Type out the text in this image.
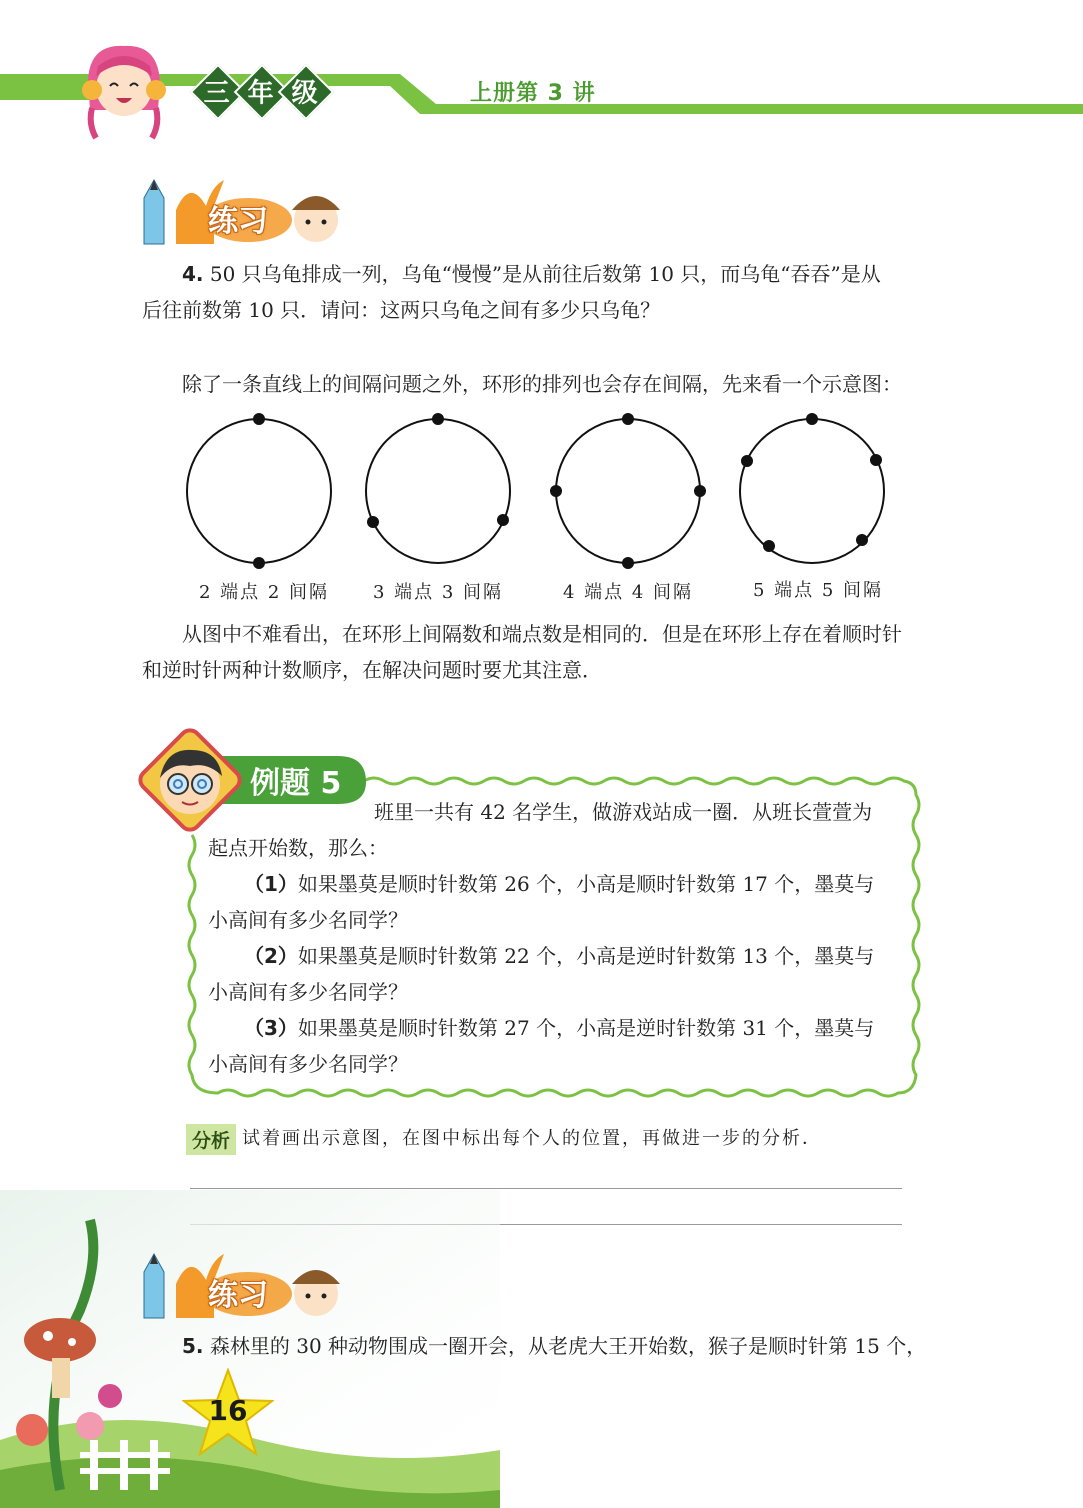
三 年 级	上册第 3 讲
练习

4. 50 只乌龟排成一列，乌龟“慢慢”是从前往后数第 10 只，而乌龟“吞吞”是从

后往前数第 10 只．请问：这两只乌龟之间有多少只乌龟？

除了一条直线上的间隔问题之外，环形的排列也会存在间隔，先来看一个示意图：

2 端点 2 间隔	3 端点 3 间隔	4 端点 4 间隔	5 端点 5 间隔

从图中不难看出，在环形上间隔数和端点数是相同的．但是在环形上存在着顺时针

和逆时针两种计数顺序，在解决问题时要尤其注意．

例题 5

班里一共有 42 名学生，做游戏站成一圈．从班长萱萱为

起点开始数，那么：

（1）如果墨莫是顺时针数第 26 个，小高是顺时针数第 17 个，墨莫与

小高间有多少名同学？

（2）如果墨莫是顺时针数第 22 个，小高是逆时针数第 13 个，墨莫与

小高间有多少名同学？

（3）如果墨莫是顺时针数第 27 个，小高是逆时针数第 31 个，墨莫与

小高间有多少名同学？

分析 试着画出示意图，在图中标出每个人的位置，再做进一步的分析．
练习

5. 森林里的 30 种动物围成一圈开会，从老虎大王开始数，猴子是顺时针第 15 个，

16
